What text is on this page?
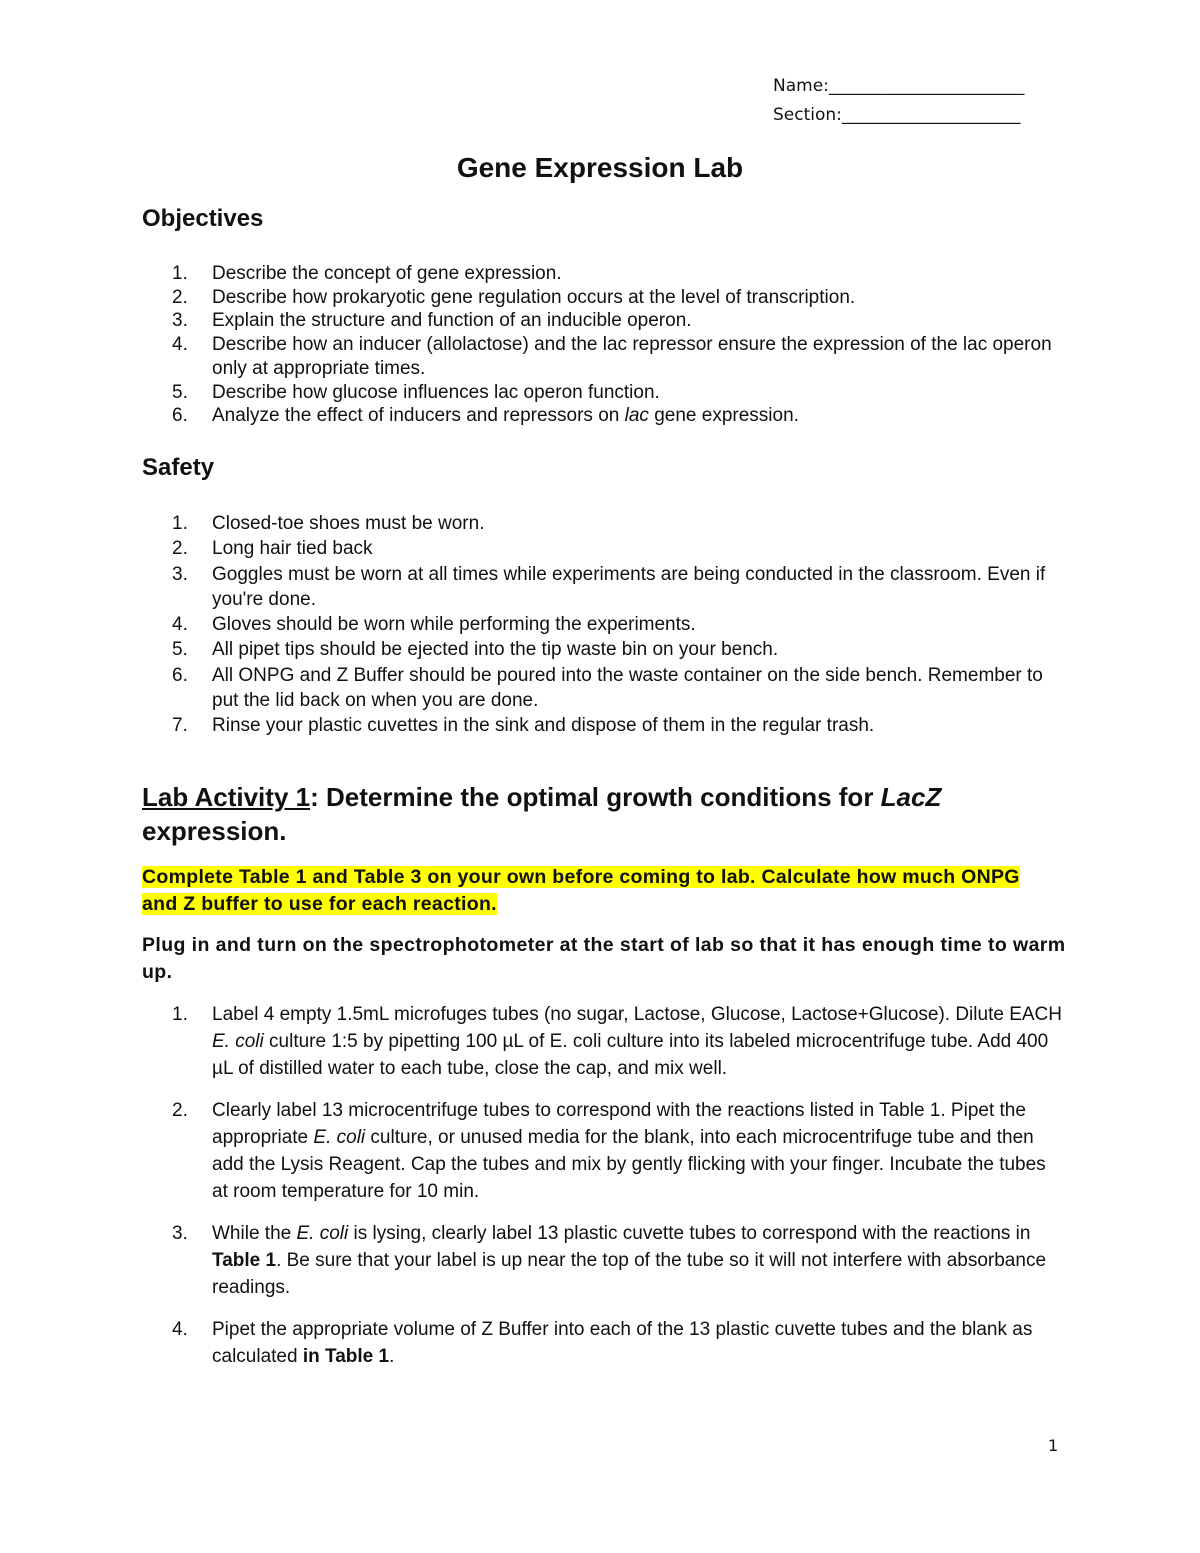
Name:_______________________
Section:_____________________
Gene Expression Lab
Objectives
1. Describe the concept of gene expression.
2. Describe how prokaryotic gene regulation occurs at the level of transcription.
3. Explain the structure and function of an inducible operon.
4. Describe how an inducer (allolactose) and the lac repressor ensure the expression of the lac operon only at appropriate times.
5. Describe how glucose influences lac operon function.
6. Analyze the effect of inducers and repressors on lac gene expression.
Safety
1. Closed-toe shoes must be worn.
2. Long hair tied back
3. Goggles must be worn at all times while experiments are being conducted in the classroom. Even if you're done.
4. Gloves should be worn while performing the experiments.
5. All pipet tips should be ejected into the tip waste bin on your bench.
6. All ONPG and Z Buffer should be poured into the waste container on the side bench. Remember to put the lid back on when you are done.
7. Rinse your plastic cuvettes in the sink and dispose of them in the regular trash.
Lab Activity 1: Determine the optimal growth conditions for LacZ expression.
Complete Table 1 and Table 3 on your own before coming to lab. Calculate how much ONPG and Z buffer to use for each reaction.
Plug in and turn on the spectrophotometer at the start of lab so that it has enough time to warm up.
1. Label 4 empty 1.5mL microfuges tubes (no sugar, Lactose, Glucose, Lactose+Glucose). Dilute EACH E. coli culture 1:5 by pipetting 100 µL of E. coli culture into its labeled microcentrifuge tube. Add 400 µL of distilled water to each tube, close the cap, and mix well.
2. Clearly label 13 microcentrifuge tubes to correspond with the reactions listed in Table 1. Pipet the appropriate E. coli culture, or unused media for the blank, into each microcentrifuge tube and then add the Lysis Reagent. Cap the tubes and mix by gently flicking with your finger. Incubate the tubes at room temperature for 10 min.
3. While the E. coli is lysing, clearly label 13 plastic cuvette tubes to correspond with the reactions in Table 1. Be sure that your label is up near the top of the tube so it will not interfere with absorbance readings.
4. Pipet the appropriate volume of Z Buffer into each of the 13 plastic cuvette tubes and the blank as calculated in Table 1.
1
